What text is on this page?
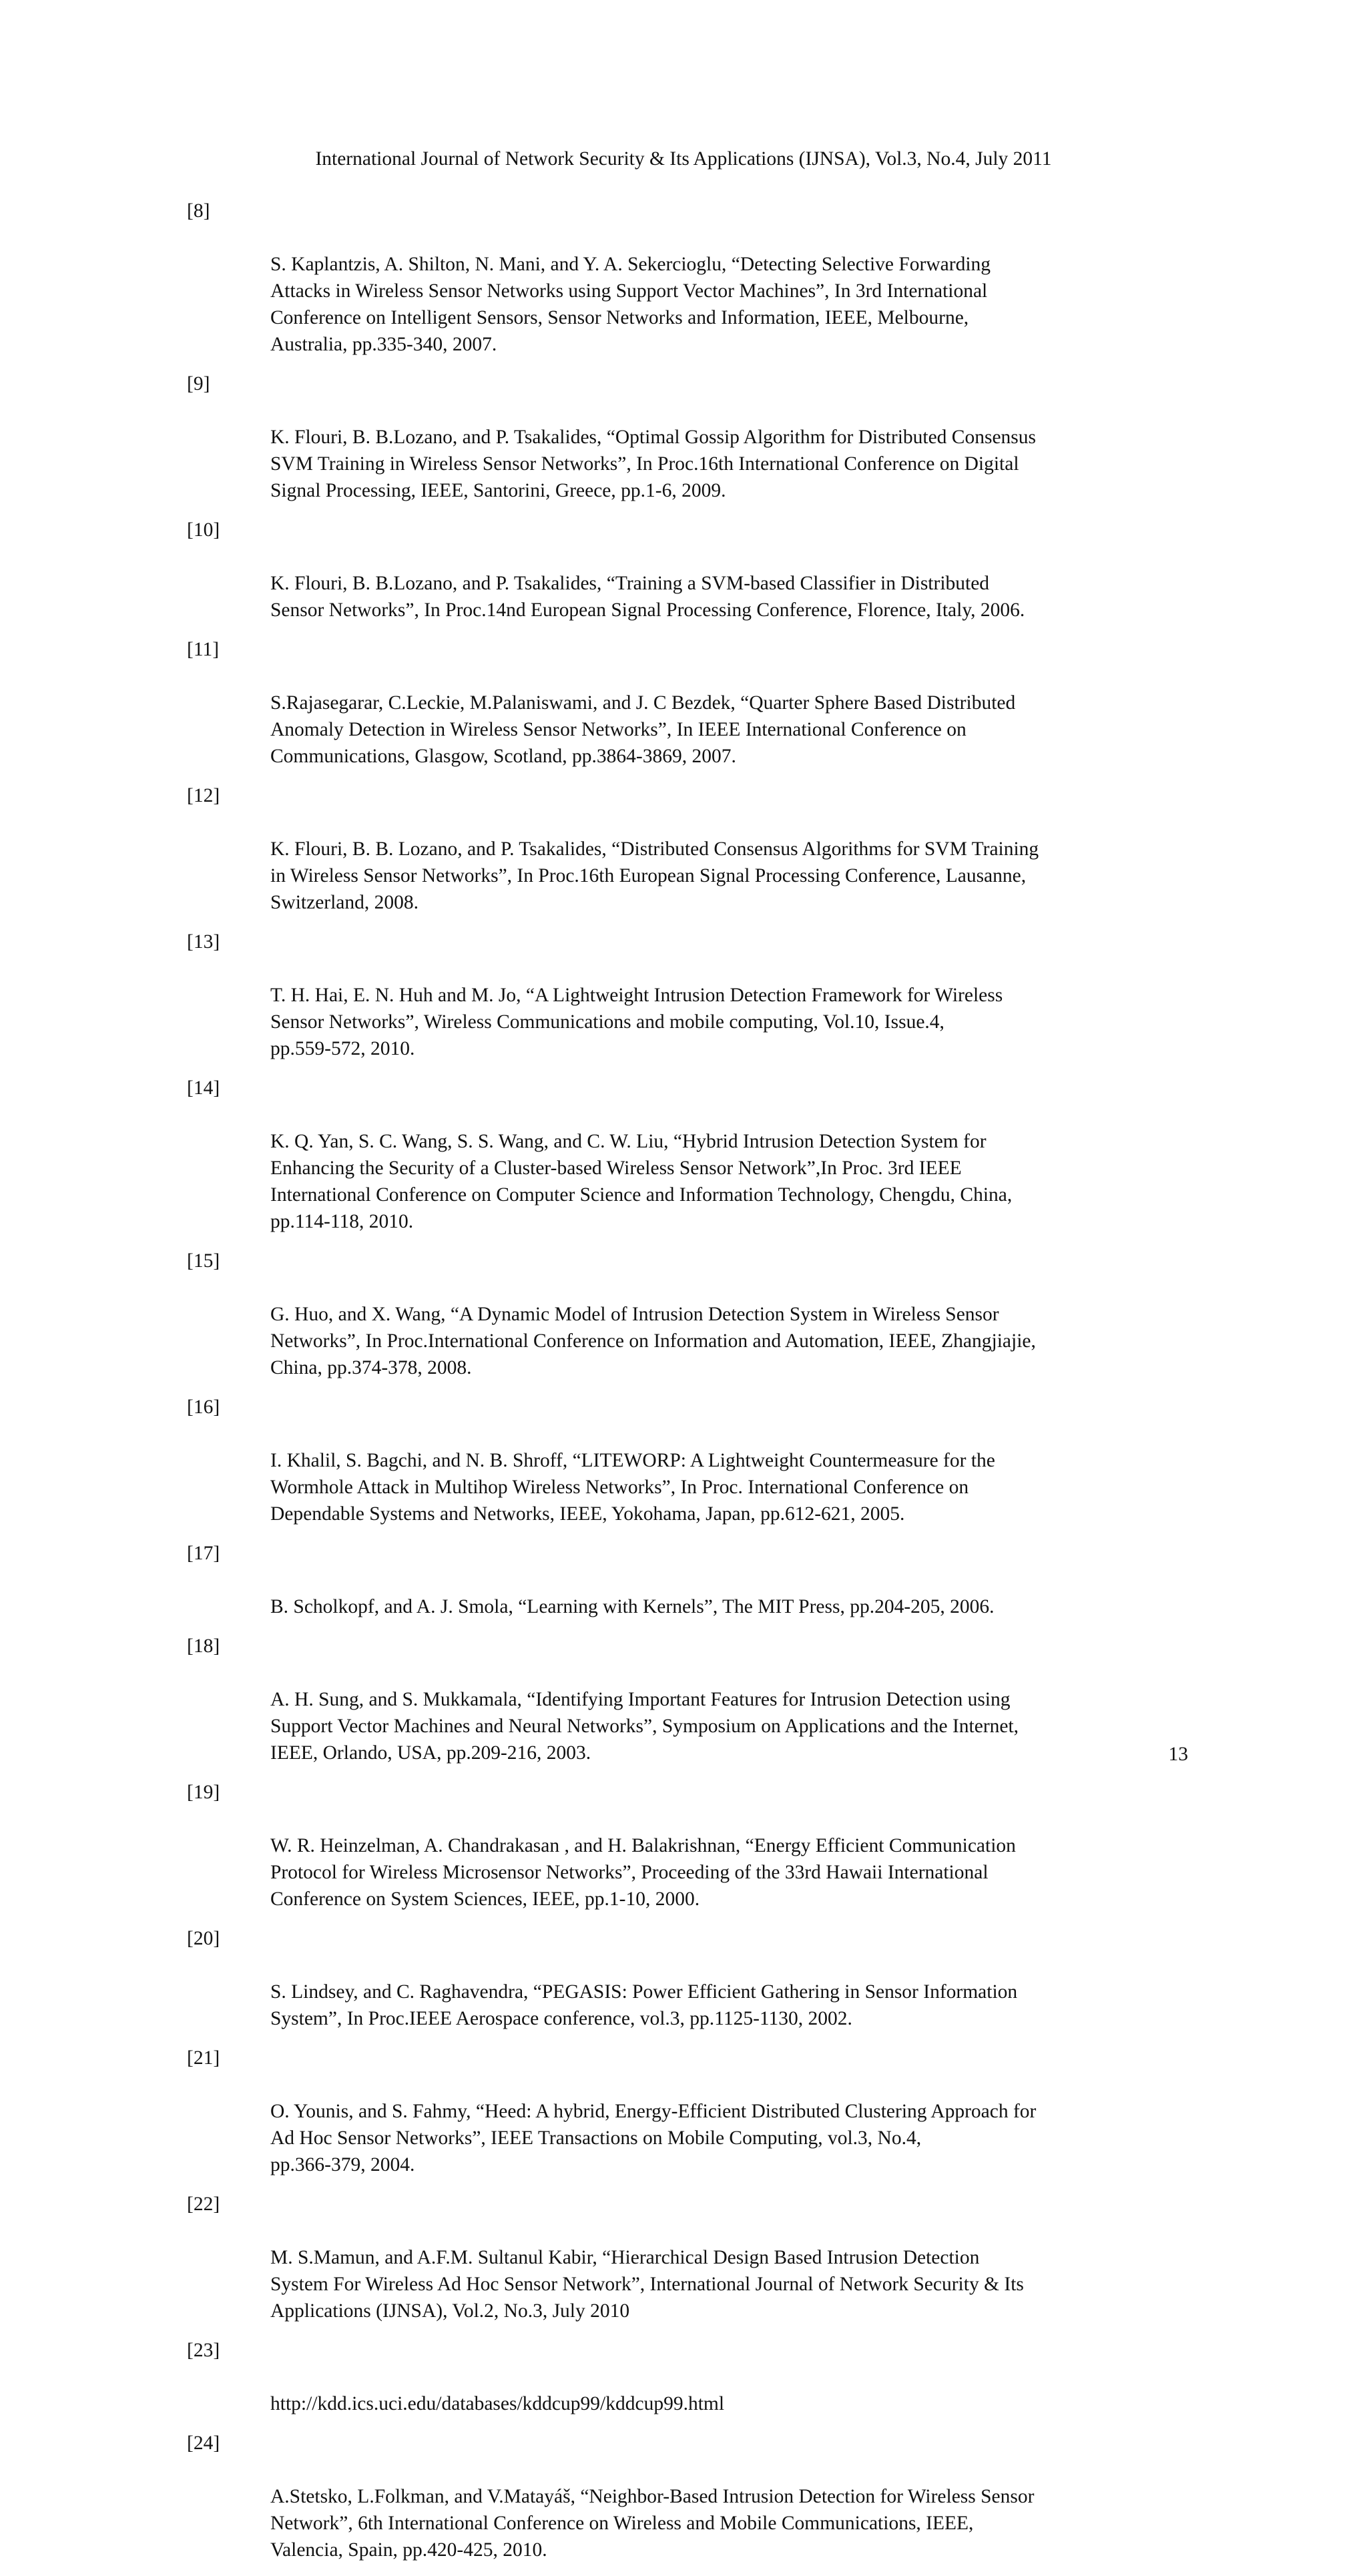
International Journal of Network Security & Its Applications (IJNSA), Vol.3, No.4, July 2011

[8]

S. Kaplantzis, A. Shilton, N. Mani, and Y. A. Sekercioglu, “Detecting Selective Forwarding
Attacks in Wireless Sensor Networks using Support Vector Machines”, In 3rd International
Conference on Intelligent Sensors, Sensor Networks and Information, IEEE, Melbourne,
Australia, pp.335-340, 2007.

[9]

K. Flouri, B. B.Lozano, and P. Tsakalides, “Optimal Gossip Algorithm for Distributed Consensus
SVM Training in Wireless Sensor Networks”, In Proc.16th International Conference on Digital
Signal Processing, IEEE, Santorini, Greece, pp.1-6, 2009.

[10]

K. Flouri, B. B.Lozano, and P. Tsakalides, “Training a SVM-based Classifier in Distributed
Sensor Networks”, In Proc.14nd European Signal Processing Conference, Florence, Italy, 2006.

[11]

S.Rajasegarar, C.Leckie, M.Palaniswami, and J. C Bezdek, “Quarter Sphere Based Distributed
Anomaly Detection in Wireless Sensor Networks”, In IEEE International Conference on
Communications, Glasgow, Scotland, pp.3864-3869, 2007.

[12]

K. Flouri, B. B. Lozano, and P. Tsakalides, “Distributed Consensus Algorithms for SVM Training
in Wireless Sensor Networks”, In Proc.16th European Signal Processing Conference, Lausanne,
Switzerland, 2008.

[13]

T. H. Hai, E. N. Huh and M. Jo, “A Lightweight Intrusion Detection Framework for Wireless
Sensor Networks”, Wireless Communications and mobile computing, Vol.10, Issue.4,
pp.559-572, 2010.

[14]

K. Q. Yan, S. C. Wang, S. S. Wang, and C. W. Liu, “Hybrid Intrusion Detection System for
Enhancing the Security of a Cluster-based Wireless Sensor Network”,In Proc. 3rd IEEE
International Conference on Computer Science and Information Technology, Chengdu, China,
pp.114-118, 2010.

[15]

G. Huo, and X. Wang, “A Dynamic Model of Intrusion Detection System in Wireless Sensor
Networks”, In Proc.International Conference on Information and Automation, IEEE, Zhangjiajie,
China, pp.374-378, 2008.

[16]

I. Khalil, S. Bagchi, and N. B. Shroff, “LITEWORP: A Lightweight Countermeasure for the
Wormhole Attack in Multihop Wireless Networks”, In Proc. International Conference on
Dependable Systems and Networks, IEEE, Yokohama, Japan, pp.612-621, 2005.

[17]

B. Scholkopf, and A. J. Smola, “Learning with Kernels”, The MIT Press, pp.204-205, 2006.

[18]

A. H. Sung, and S. Mukkamala, “Identifying Important Features for Intrusion Detection using
Support Vector Machines and Neural Networks”, Symposium on Applications and the Internet,
IEEE, Orlando, USA, pp.209-216, 2003.

[19]

W. R. Heinzelman, A. Chandrakasan , and H. Balakrishnan, “Energy Efficient Communication
Protocol for Wireless Microsensor Networks”, Proceeding of the 33rd Hawaii International
Conference on System Sciences, IEEE, pp.1-10, 2000.

[20]

S. Lindsey, and C. Raghavendra, “PEGASIS: Power Efficient Gathering in Sensor Information
System”, In Proc.IEEE Aerospace conference, vol.3, pp.1125-1130, 2002.

[21]

O. Younis, and S. Fahmy, “Heed: A hybrid, Energy-Efficient Distributed Clustering Approach for
Ad Hoc Sensor Networks”, IEEE Transactions on Mobile Computing, vol.3, No.4,
pp.366-379, 2004.

[22]

M. S.Mamun, and A.F.M. Sultanul Kabir, “Hierarchical Design Based Intrusion Detection
System For Wireless Ad Hoc Sensor Network”, International Journal of Network Security & Its
Applications (IJNSA), Vol.2, No.3, July 2010

[23]

http://kdd.ics.uci.edu/databases/kddcup99/kddcup99.html

[24]

A.Stetsko, L.Folkman, and V.Matayáš, “Neighbor-Based Intrusion Detection for Wireless Sensor
Network”, 6th International Conference on Wireless and Mobile Communications, IEEE,
Valencia, Spain, pp.420-425, 2010.

13
